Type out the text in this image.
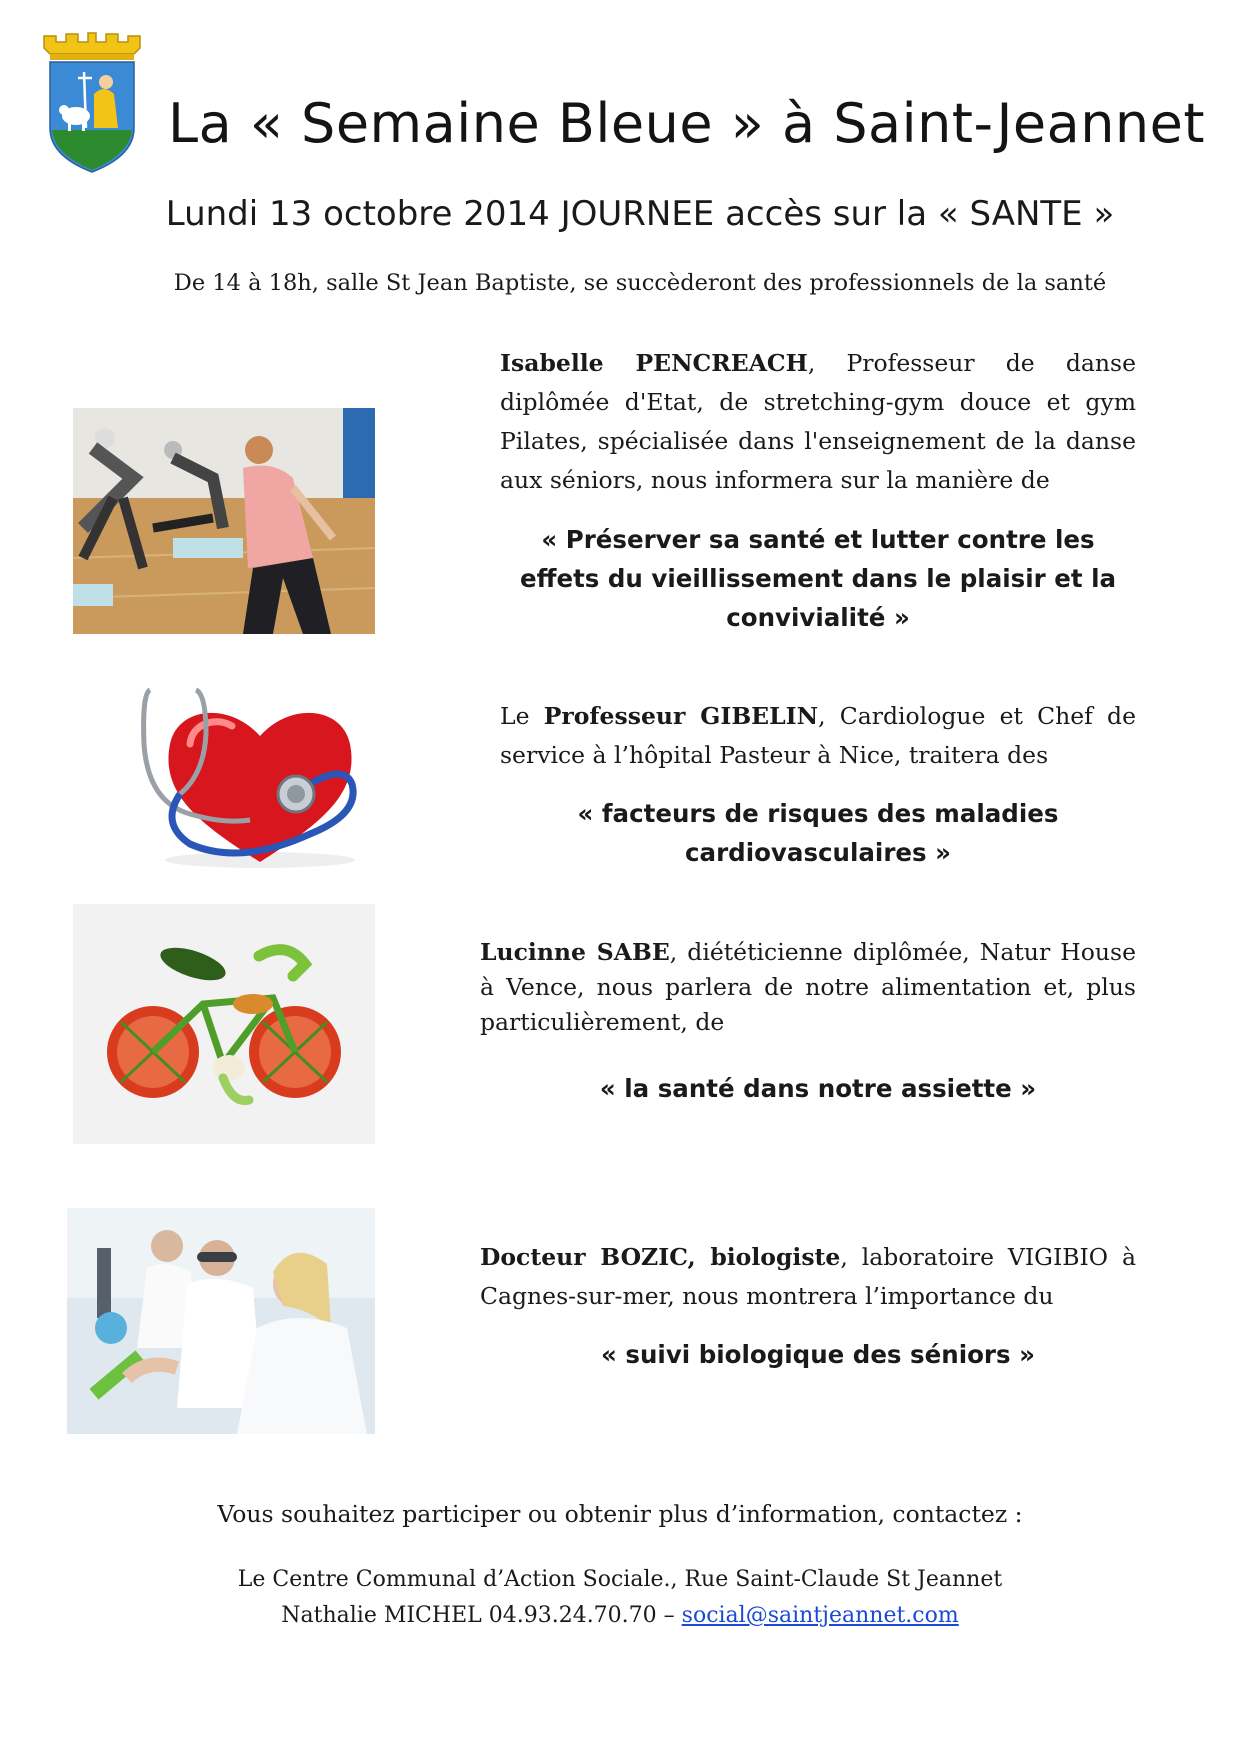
La « Semaine Bleue » à Saint-Jeannet
Lundi 13 octobre 2014 JOURNEE accès sur la « SANTE »
De 14 à 18h, salle St Jean Baptiste, se succèderont des professionnels de la santé
Isabelle PENCREACH, Professeur de danse diplômée d'Etat, de stretching-gym douce et gym Pilates, spécialisée dans l'enseignement de la danse aux séniors, nous informera sur la manière de
« Préserver sa santé et lutter contre les effets du vieillissement dans le plaisir et la convivialité »
Le Professeur GIBELIN, Cardiologue et Chef de service à l’hôpital Pasteur à Nice, traitera des
« facteurs de risques des maladies cardiovasculaires »
Lucinne SABE, diététicienne diplômée, Natur House à Vence, nous parlera de notre alimentation et, plus particulièrement, de
« la santé dans notre assiette »
Docteur BOZIC, biologiste, laboratoire VIGIBIO à Cagnes-sur-mer, nous montrera l’importance du
« suivi biologique des séniors »
Vous souhaitez participer ou obtenir plus d’information, contactez :
Le Centre Communal d’Action Sociale., Rue Saint-Claude St Jeannet
Nathalie MICHEL 04.93.24.70.70 – social@saintjeannet.com
